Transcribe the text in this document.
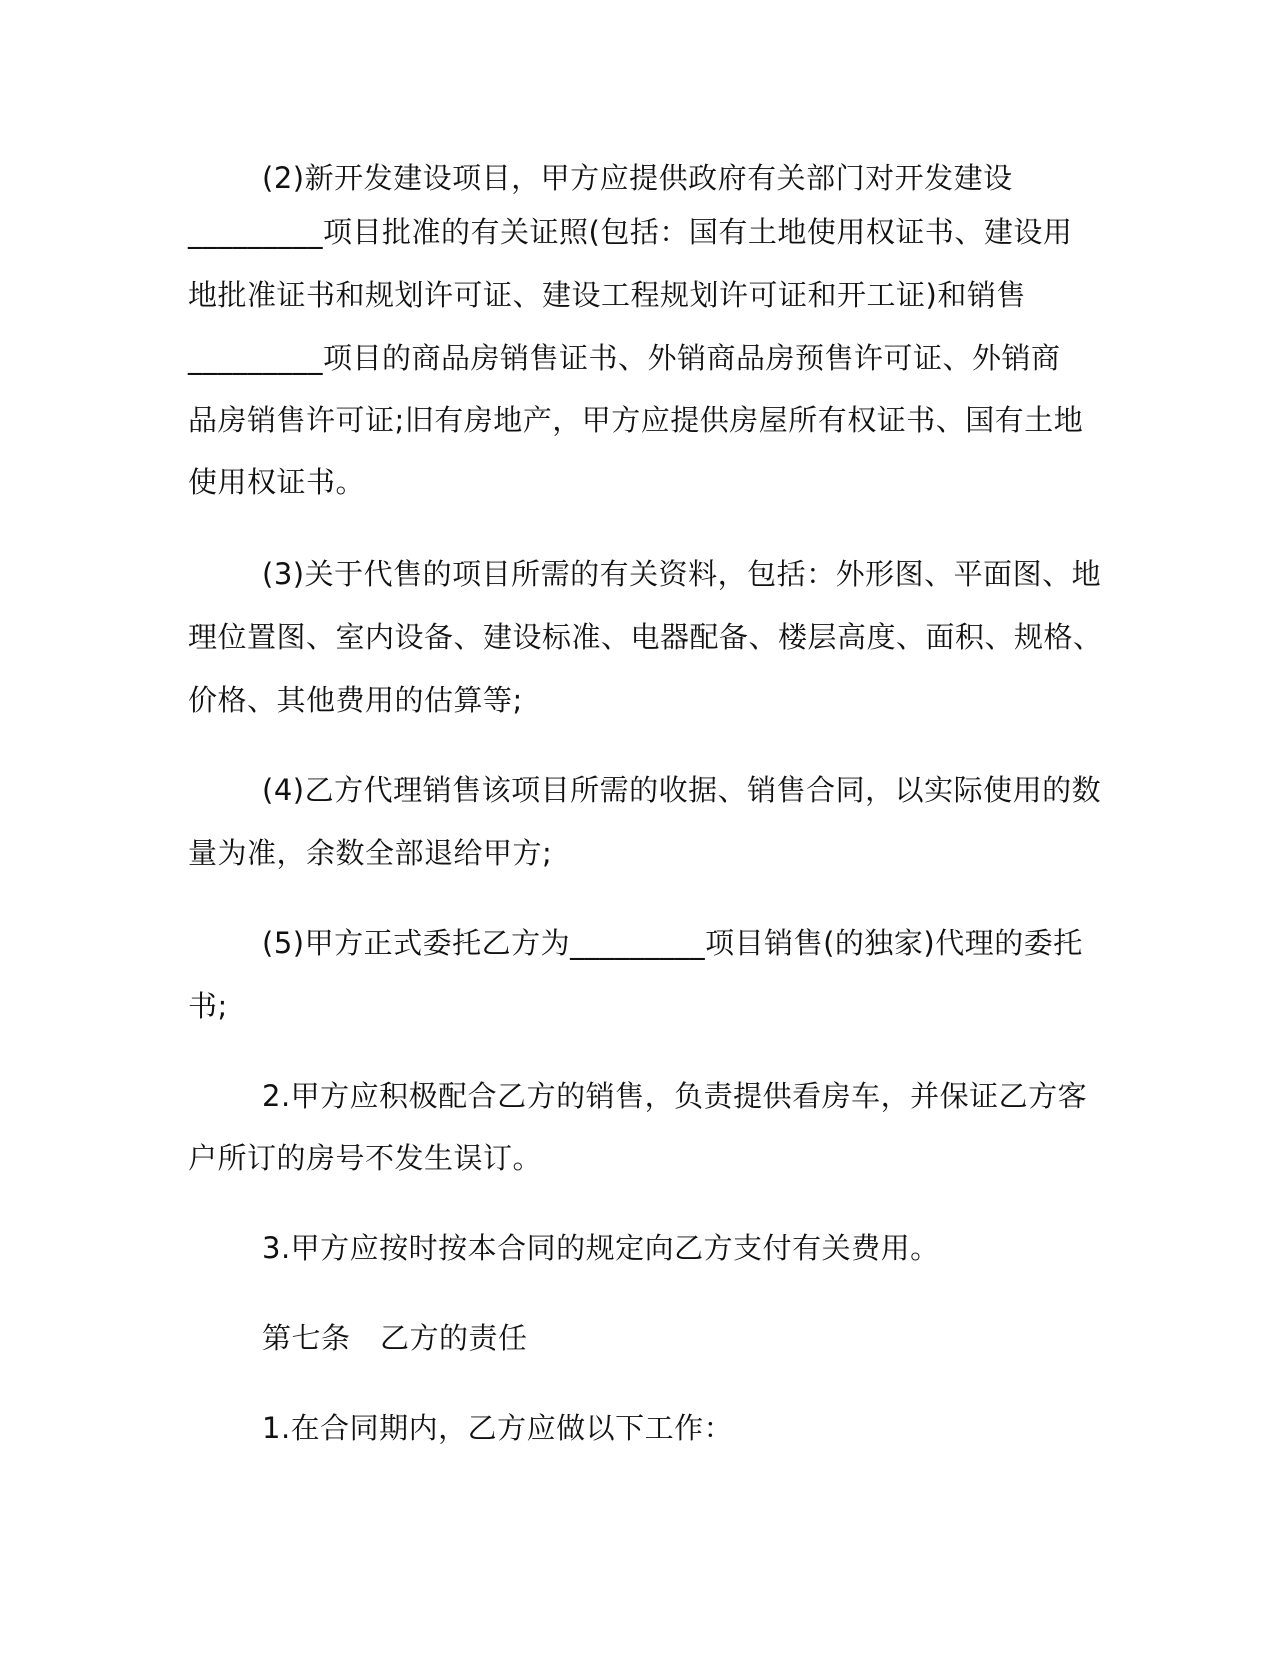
(2)新开发建设项目，甲方应提供政府有关部门对开发建设
_________项目批准的有关证照(包括：国有土地使用权证书、建设用
地批准证书和规划许可证、建设工程规划许可证和开工证)和销售
_________项目的商品房销售证书、外销商品房预售许可证、外销商
品房销售许可证;旧有房地产，甲方应提供房屋所有权证书、国有土地
使用权证书。
(3)关于代售的项目所需的有关资料，包括：外形图、平面图、地
理位置图、室内设备、建设标准、电器配备、楼层高度、面积、规格、
价格、其他费用的估算等;
(4)乙方代理销售该项目所需的收据、销售合同，以实际使用的数
量为准，余数全部退给甲方;
(5)甲方正式委托乙方为_________项目销售(的独家)代理的委托
书;
2.甲方应积极配合乙方的销售，负责提供看房车，并保证乙方客
户所订的房号不发生误订。
3.甲方应按时按本合同的规定向乙方支付有关费用。
第七条　乙方的责任
1.在合同期内，乙方应做以下工作：
